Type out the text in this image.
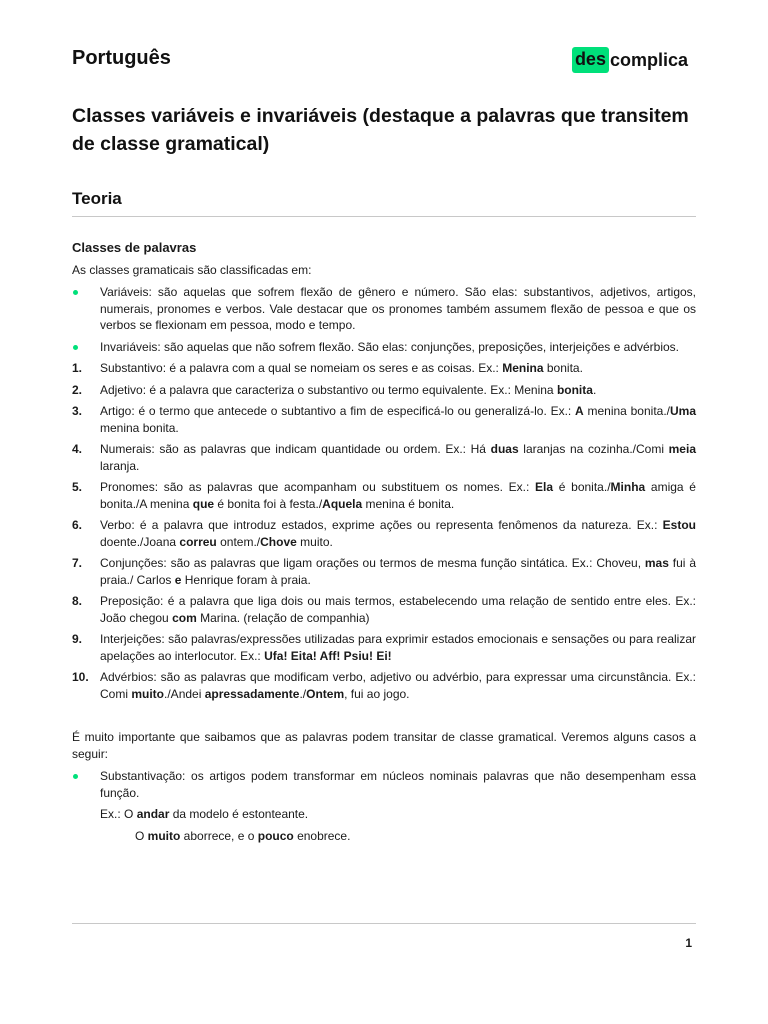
Português	des complica
Classes variáveis e invariáveis (destaque a palavras que transitem de classe gramatical)
Teoria
Classes de palavras
As classes gramaticais são classificadas em:
Variáveis: são aquelas que sofrem flexão de gênero e número. São elas: substantivos, adjetivos, artigos, numerais, pronomes e verbos. Vale destacar que os pronomes também assumem flexão de pessoa e que os verbos se flexionam em pessoa, modo e tempo.
Invariáveis: são aquelas que não sofrem flexão. São elas: conjunções, preposições, interjeições e advérbios.
1. Substantivo: é a palavra com a qual se nomeiam os seres e as coisas. Ex.: Menina bonita.
2. Adjetivo: é a palavra que caracteriza o substantivo ou termo equivalente. Ex.: Menina bonita.
3. Artigo: é o termo que antecede o subtantivo a fim de especificá-lo ou generalizá-lo. Ex.: A menina bonita./Uma menina bonita.
4. Numerais: são as palavras que indicam quantidade ou ordem. Ex.: Há duas laranjas na cozinha./Comi meia laranja.
5. Pronomes: são as palavras que acompanham ou substituem os nomes. Ex.: Ela é bonita./Minha amiga é bonita./A menina que é bonita foi à festa./Aquela menina é bonita.
6. Verbo: é a palavra que introduz estados, exprime ações ou representa fenômenos da natureza. Ex.: Estou doente./Joana correu ontem./Chove muito.
7. Conjunções: são as palavras que ligam orações ou termos de mesma função sintática. Ex.: Choveu, mas fui à praia./ Carlos e Henrique foram à praia.
8. Preposição: é a palavra que liga dois ou mais termos, estabelecendo uma relação de sentido entre eles. Ex.: João chegou com Marina. (relação de companhia)
9. Interjeições: são palavras/expressões utilizadas para exprimir estados emocionais e sensações ou para realizar apelações ao interlocutor. Ex.: Ufa! Eita! Aff! Psiu! Ei!
10. Advérbios: são as palavras que modificam verbo, adjetivo ou advérbio, para expressar uma circunstância. Ex.: Comi muito./Andei apressadamente./Ontem, fui ao jogo.
É muito importante que saibamos que as palavras podem transitar de classe gramatical. Veremos alguns casos a seguir:
Substantivação: os artigos podem transformar em núcleos nominais palavras que não desempenham essa função.
Ex.: O andar da modelo é estonteante.
O muito aborrece, e o pouco enobrece.
1
